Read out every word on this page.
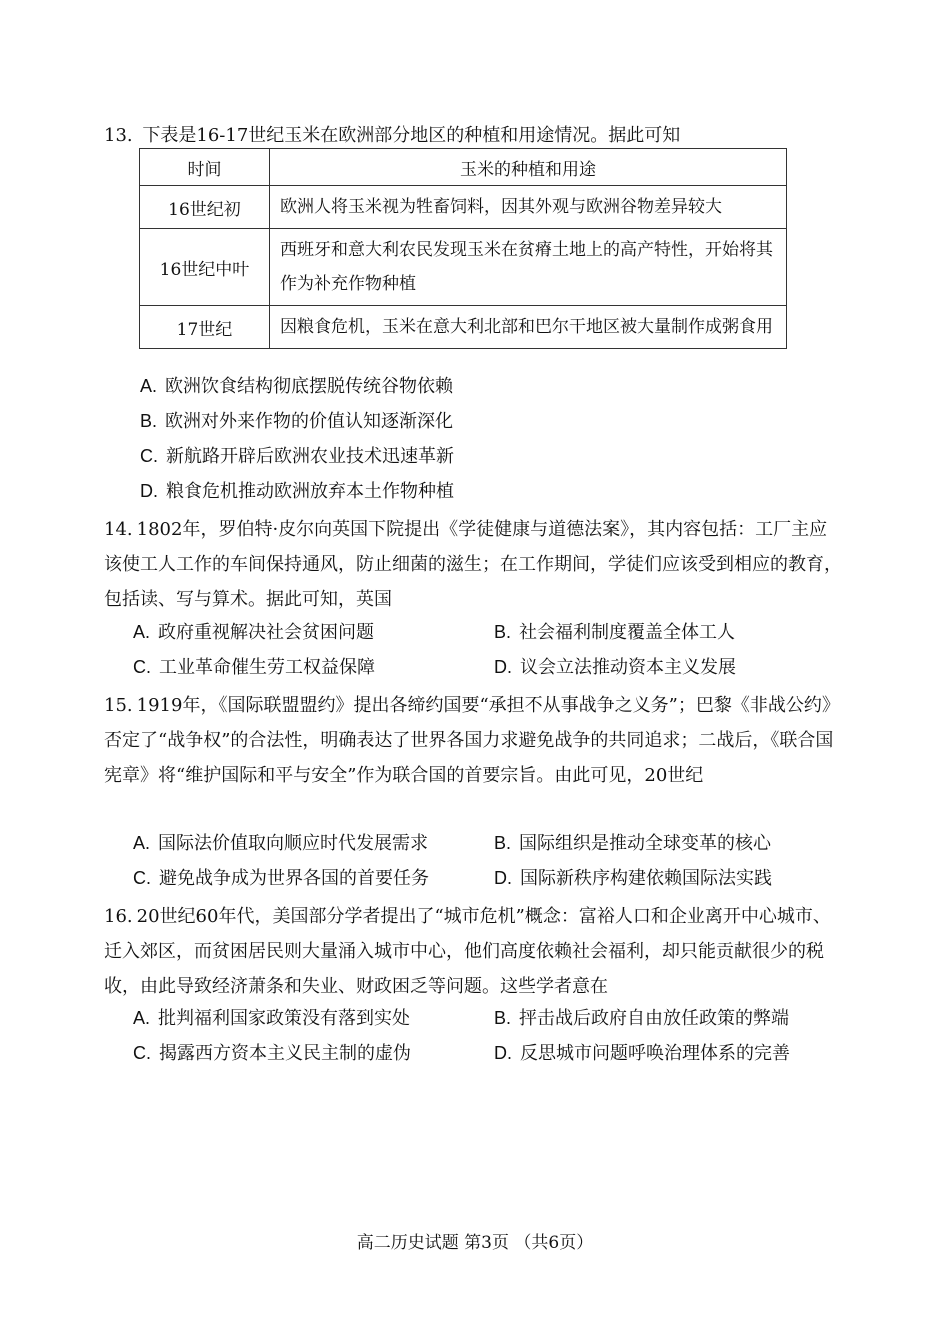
13. 下表是16-17世纪玉米在欧洲部分地区的种植和用途情况。据此可知
时间	玉米的种植和用途
16世纪初	欧洲人将玉米视为牲畜饲料，因其外观与欧洲谷物差异较大
16世纪中叶	西班牙和意大利农民发现玉米在贫瘠土地上的高产特性，开始将其作为补充作物种植
17世纪	因粮食危机，玉米在意大利北部和巴尔干地区被大量制作成粥食用
A. 欧洲饮食结构彻底摆脱传统谷物依赖
B. 欧洲对外来作物的价值认知逐渐深化
C. 新航路开辟后欧洲农业技术迅速革新
D. 粮食危机推动欧洲放弃本土作物种植
14. 1802年，罗伯特·皮尔向英国下院提出《学徒健康与道德法案》，其内容包括：工厂主应该使工人工作的车间保持通风，防止细菌的滋生；在工作期间，学徒们应该受到相应的教育，包括读、写与算术。据此可知，英国
A. 政府重视解决社会贫困问题	B. 社会福利制度覆盖全体工人
C. 工业革命催生劳工权益保障	D. 议会立法推动资本主义发展
15. 1919年，《国际联盟盟约》提出各缔约国要“承担不从事战争之义务”；巴黎《非战公约》否定了“战争权”的合法性，明确表达了世界各国力求避免战争的共同追求；二战后，《联合国宪章》将“维护国际和平与安全”作为联合国的首要宗旨。由此可见，20世纪
A. 国际法价值取向顺应时代发展需求	B. 国际组织是推动全球变革的核心
C. 避免战争成为世界各国的首要任务	D. 国际新秩序构建依赖国际法实践
16. 20世纪60年代，美国部分学者提出了“城市危机”概念：富裕人口和企业离开中心城市、迁入郊区，而贫困居民则大量涌入城市中心，他们高度依赖社会福利，却只能贡献很少的税收，由此导致经济萧条和失业、财政困乏等问题。这些学者意在
A. 批判福利国家政策没有落到实处	B. 抨击战后政府自由放任政策的弊端
C. 揭露西方资本主义民主制的虚伪	D. 反思城市问题呼唤治理体系的完善
高二历史试题 第3页 （共6页）
